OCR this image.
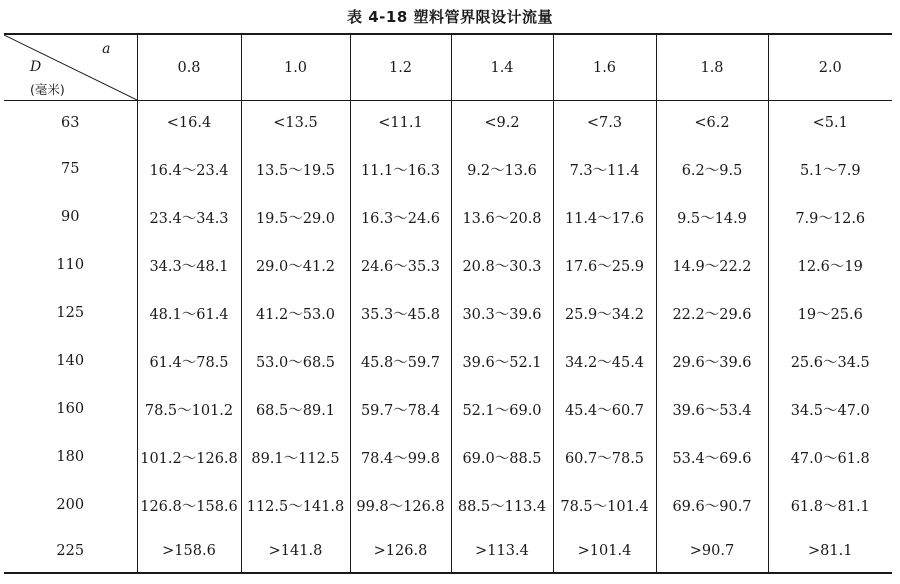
表 4-18 塑料管界限设计流量
a
D
(毫米)	0.8	1.0	1.2	1.4	1.6	1.8	2.0
63	<16.4	<13.5	<11.1	<9.2	<7.3	<6.2	<5.1
75	16.4～23.4	13.5～19.5	11.1～16.3	9.2～13.6	7.3～11.4	6.2～9.5	5.1～7.9
90	23.4～34.3	19.5～29.0	16.3～24.6	13.6～20.8	11.4～17.6	9.5～14.9	7.9～12.6
110	34.3～48.1	29.0～41.2	24.6～35.3	20.8～30.3	17.6～25.9	14.9～22.2	12.6～19
125	48.1～61.4	41.2～53.0	35.3～45.8	30.3～39.6	25.9～34.2	22.2～29.6	19～25.6
140	61.4～78.5	53.0～68.5	45.8～59.7	39.6～52.1	34.2～45.4	29.6～39.6	25.6～34.5
160	78.5～101.2	68.5～89.1	59.7～78.4	52.1～69.0	45.4～60.7	39.6～53.4	34.5～47.0
180	101.2～126.8	89.1～112.5	78.4～99.8	69.0～88.5	60.7～78.5	53.4～69.6	47.0～61.8
200	126.8～158.6	112.5～141.8	99.8～126.8	88.5～113.4	78.5～101.4	69.6～90.7	61.8～81.1
225	>158.6	>141.8	>126.8	>113.4	>101.4	>90.7	>81.1
